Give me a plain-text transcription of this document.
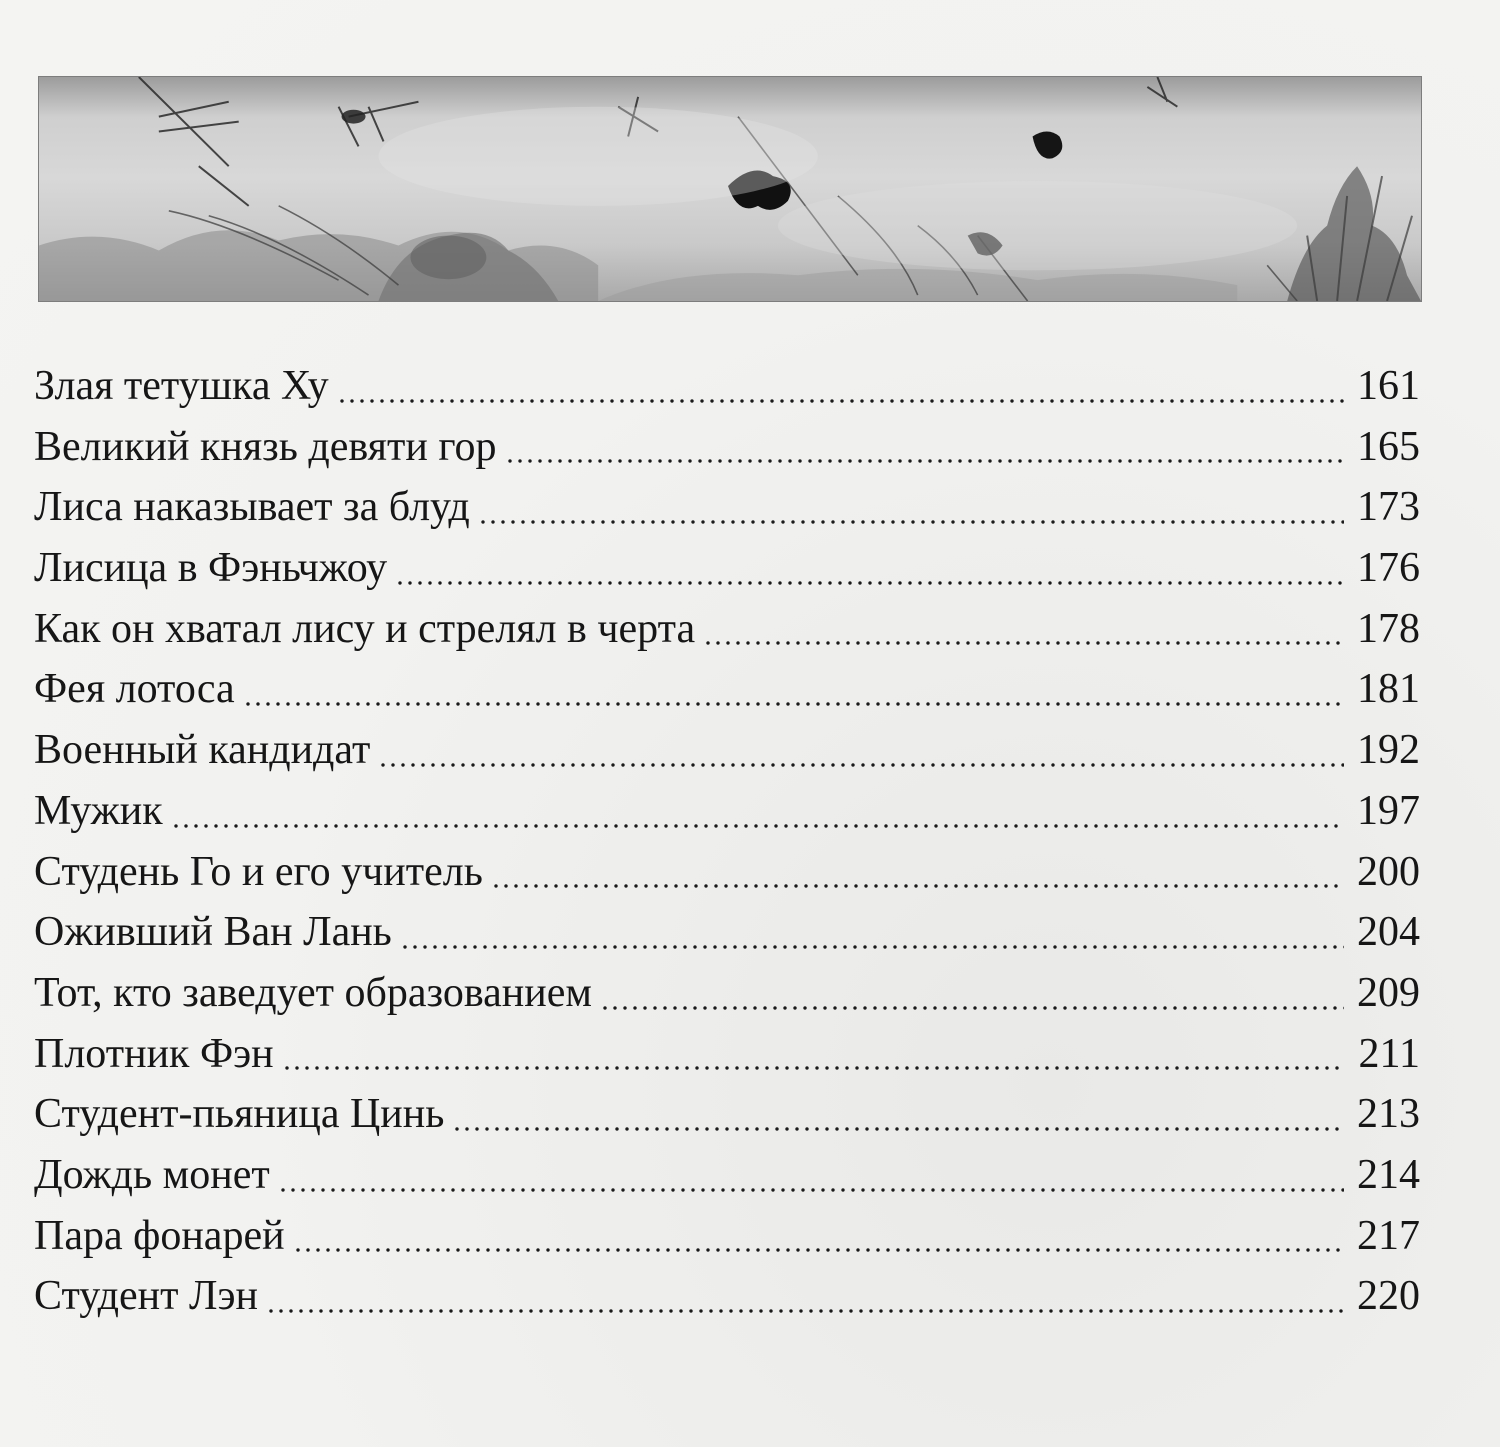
Злая тетушка Ху	161
Великий князь девяти гор	165
Лиса наказывает за блуд	173
Лисица в Фэньчжоу	176
Как он хватал лису и стрелял в черта	178
Фея лотоса	181
Военный кандидат	192
Мужик	197
Студень Го и его учитель	200
Оживший Ван Лань	204
Тот, кто заведует образованием	209
Плотник Фэн	211
Студент-пьяница Цинь	213
Дождь монет	214
Пара фонарей	217
Студент Лэн	220
